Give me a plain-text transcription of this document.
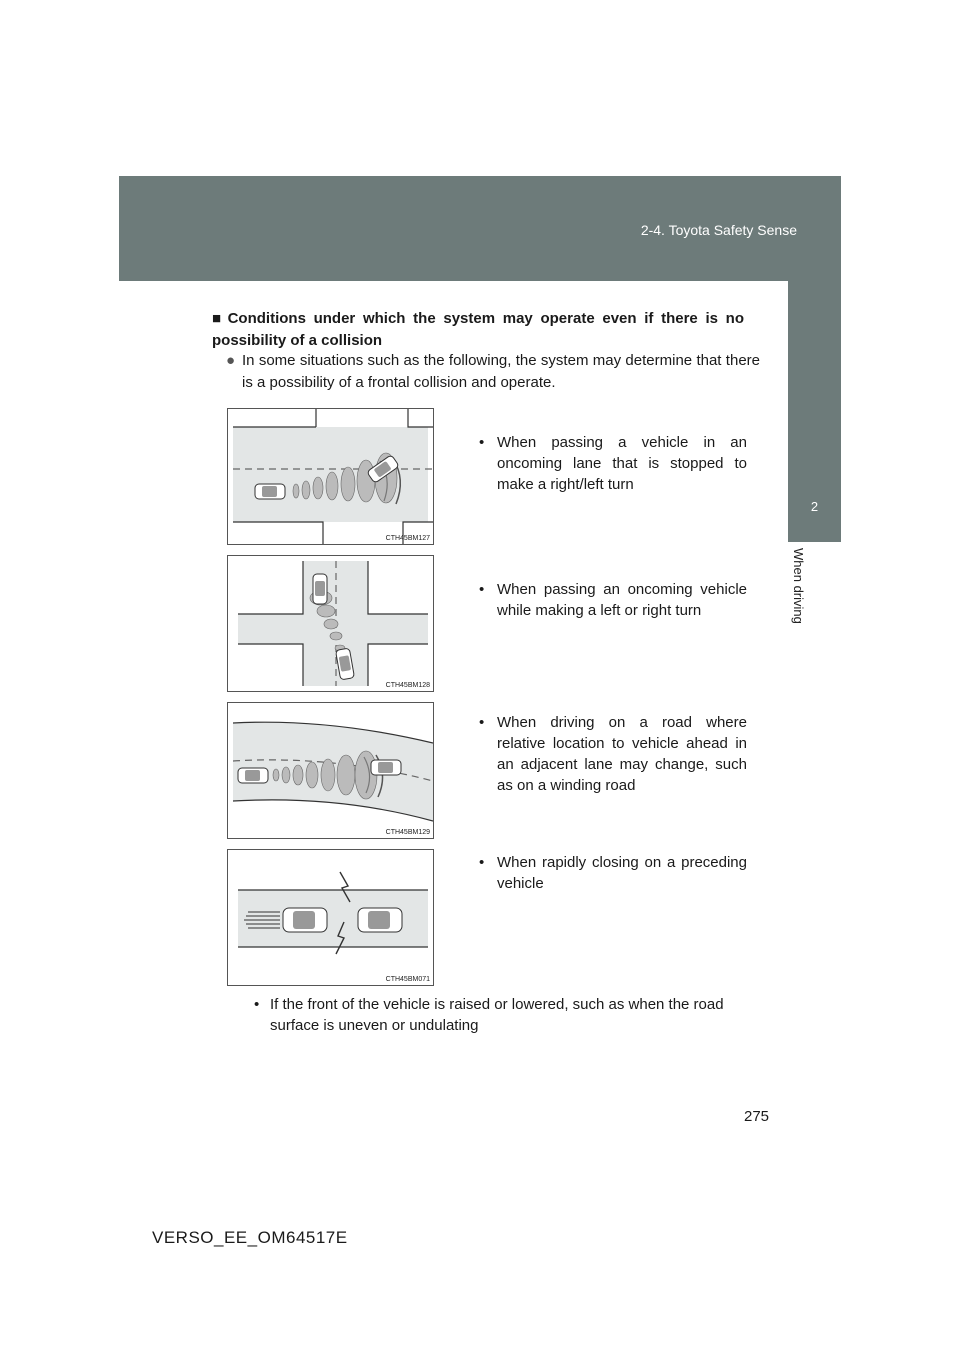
2-4. Toyota Safety Sense
2
When driving
■ Conditions under which the system may operate even if there is no possibility of a collision
● In some situations such as the following, the system may determine that there is a possibility of a frontal collision and operate.
CTH45BM127
• When passing a vehicle in an oncoming lane that is stopped to make a right/left turn
CTH45BM128
• When passing an oncoming vehicle while making a left or right turn
CTH45BM129
• When driving on a road where relative location to vehicle ahead in an adjacent lane may change, such as on a winding road
CTH45BM071
• When rapidly closing on a preceding vehicle
• If the front of the vehicle is raised or lowered, such as when the road surface is uneven or undulating
275
VERSO_EE_OM64517E
